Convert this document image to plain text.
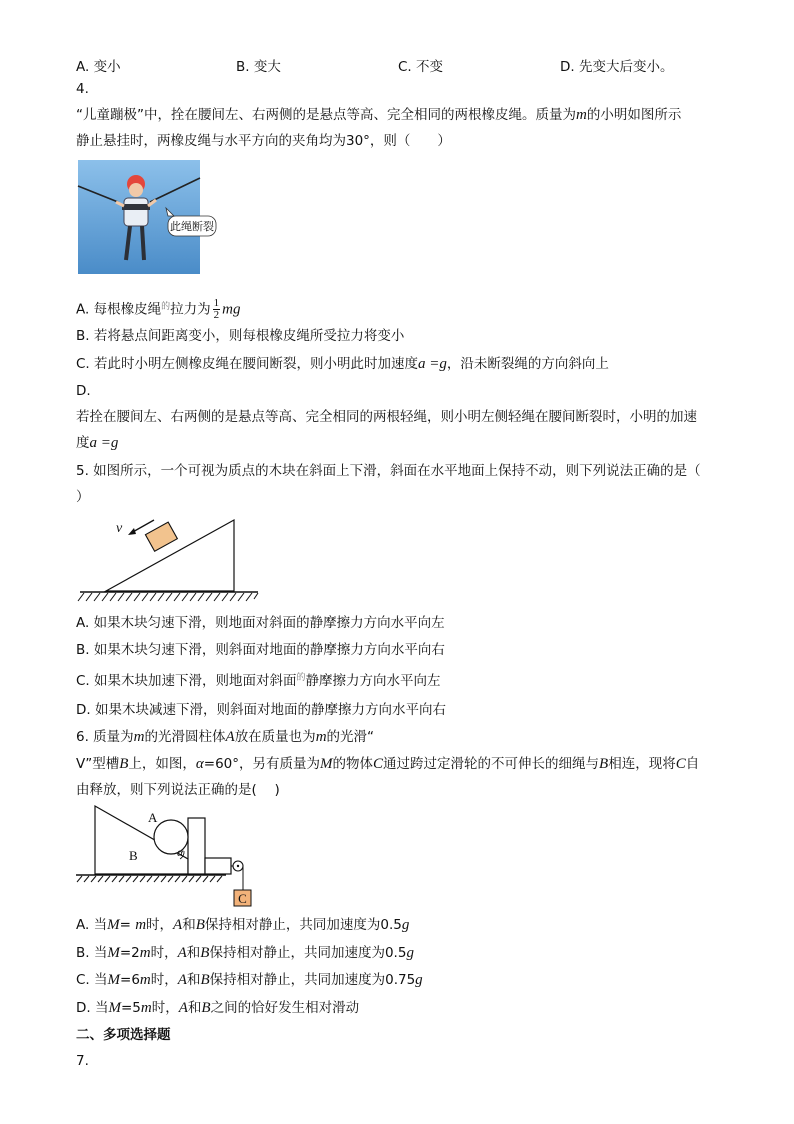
A. 变小	B. 变大	C. 不变	D. 先变大后变小。
4.
“儿童蹦极”中，拴在腰间左、右两侧的是悬点等高、完全相同的两根橡皮绳。质量为m的小明如图所示
静止悬挂时，两橡皮绳与水平方向的夹角均为30°，则（　　）
此绳断裂
A. 每根橡皮绳$^的$拉力为 $\frac{1}{2}$ mg
B. 若将悬点间距离变小，则每根橡皮绳所受拉力将变小
C. 若此时小明左侧橡皮绳在腰间断裂，则小明此时加速度a =g，沿未断裂绳的方向斜向上
D.
若拴在腰间左、右两侧的是悬点等高、完全相同的两根轻绳，则小明左侧轻绳在腰间断裂时，小明的加速
度a =g
5. 如图所示，一个可视为质点的木块在斜面上下滑，斜面在水平地面上保持不动，则下列说法正确的是（
）
v
A. 如果木块匀速下滑，则地面对斜面的静摩擦力方向水平向左
B. 如果木块匀速下滑，则斜面对地面的静摩擦力方向水平向右
C. 如果木块加速下滑，则地面对斜面$^的$静摩擦力方向水平向左
D. 如果木块减速下滑，则斜面对地面的静摩擦力方向水平向右
6. 质量为m的光滑圆柱体A放在质量也为m的光滑“
V”型槽B上，如图，α=60°，另有质量为M的物体C通过跨过定滑轮的不可伸长的细绳与B相连，现将C自
由释放，则下列说法正确的是(　 )
A
B	α
C
A. 当M= m时，A和B保持相对静止，共同加速度为0.5g
B. 当M=2m时，A和B保持相对静止，共同加速度为0.5g
C. 当M=6m时，A和B保持相对静止，共同加速度为0.75g
D. 当M=5m时，A和B之间的恰好发生相对滑动
二、多项选择题
7.
